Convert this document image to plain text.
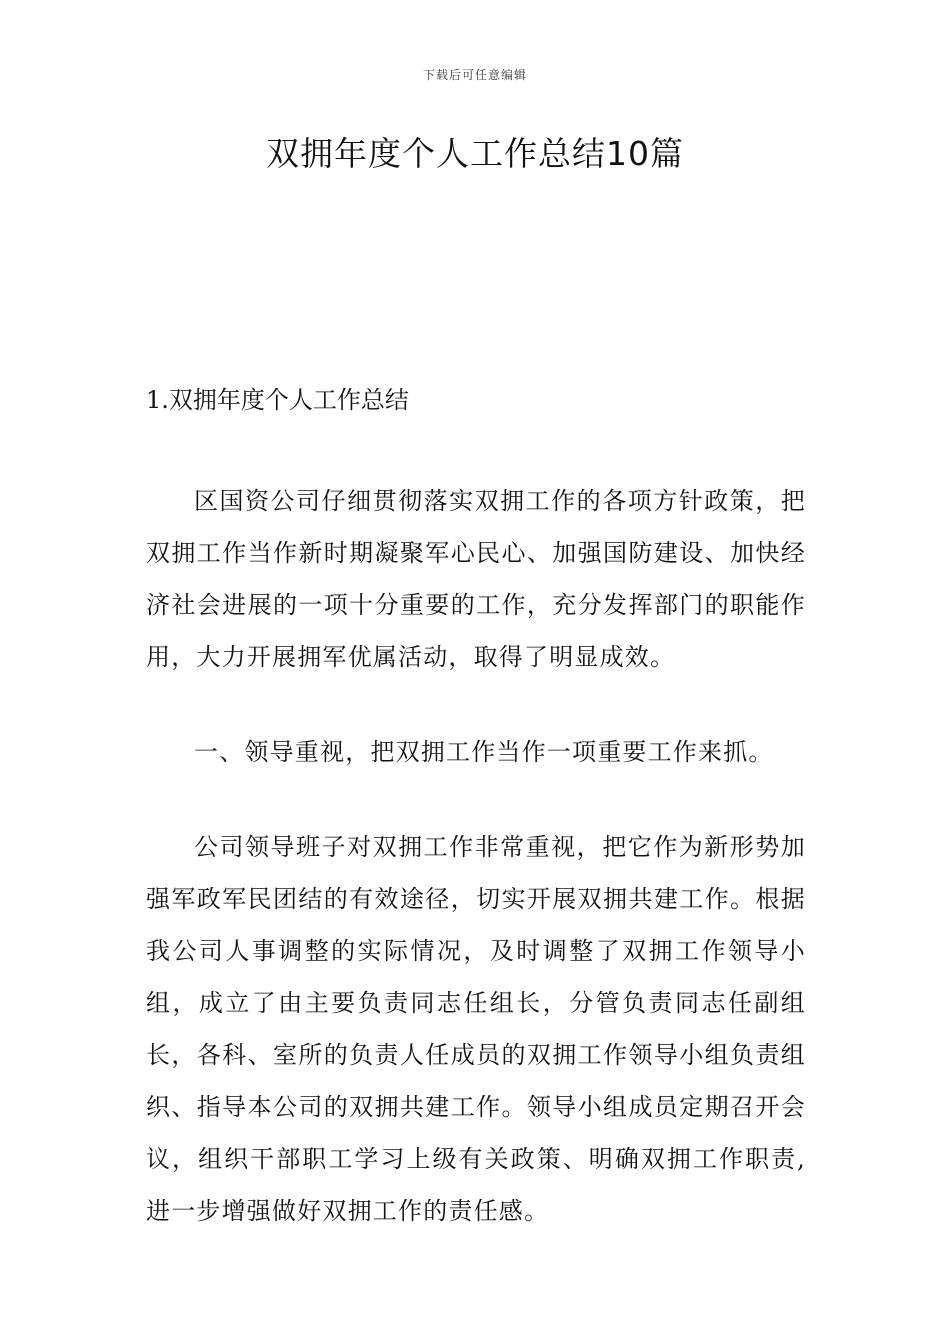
下载后可任意编辑
双拥年度个人工作总结10篇

1.双拥年度个人工作总结

区国资公司仔细贯彻落实双拥工作的各项方针政策，把双拥工作当作新时期凝聚军心民心、加强国防建设、加快经济社会进展的一项十分重要的工作，充分发挥部门的职能作用，大力开展拥军优属活动，取得了明显成效。

一、领导重视，把双拥工作当作一项重要工作来抓。

公司领导班子对双拥工作非常重视，把它作为新形势加强军政军民团结的有效途径，切实开展双拥共建工作。根据我公司人事调整的实际情况，及时调整了双拥工作领导小组，成立了由主要负责同志任组长，分管负责同志任副组长，各科、室所的负责人任成员的双拥工作领导小组负责组织、指导本公司的双拥共建工作。领导小组成员定期召开会议，组织干部职工学习上级有关政策、明确双拥工作职责,进一步增强做好双拥工作的责任感。
